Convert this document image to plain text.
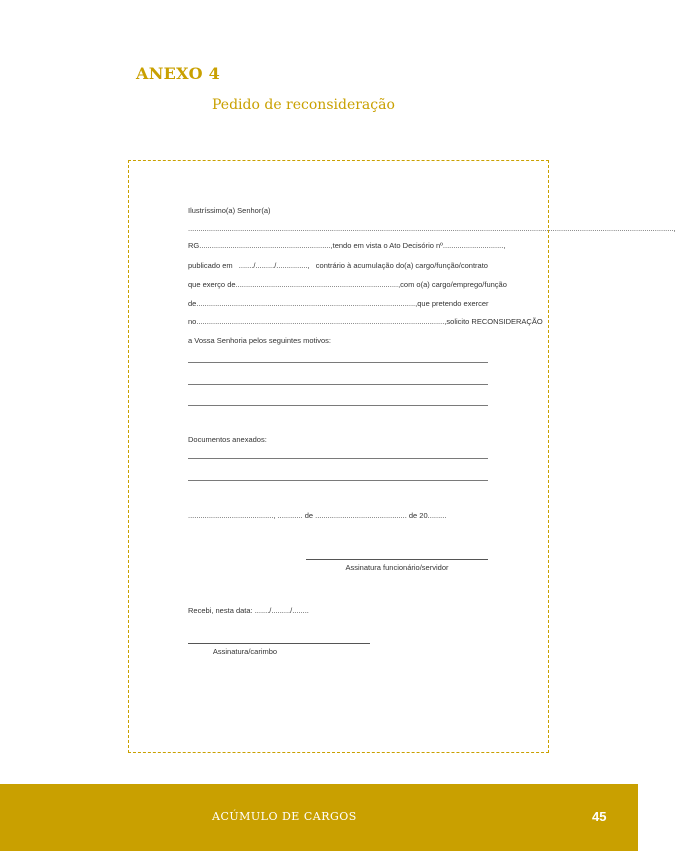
ANEXO 4
Pedido de reconsideração
Ilustríssimo(a) Senhor(a)
.........................................................................................................................................................................................................................................,
RG ..............................................................., tendo em vista o Ato Decisório nº .............................,
publicado em ......./........./..............., contrário à acumulação do(a) cargo/função/contrato
que exerço de .............................................................................., com o(a) cargo/emprego/função
de ........................................................................................................., que pretendo exercer
no ......................................................................................................................., solicito RECONSIDERAÇÃO
a Vossa Senhoria pelos seguintes motivos:
Documentos anexados:
........................................., ............ de ............................................ de 20.........
Assinatura funcionário/servidor
Recebi, nesta data: ......./........./........
Assinatura/carimbo
ACÚMULO DE CARGOS	45
